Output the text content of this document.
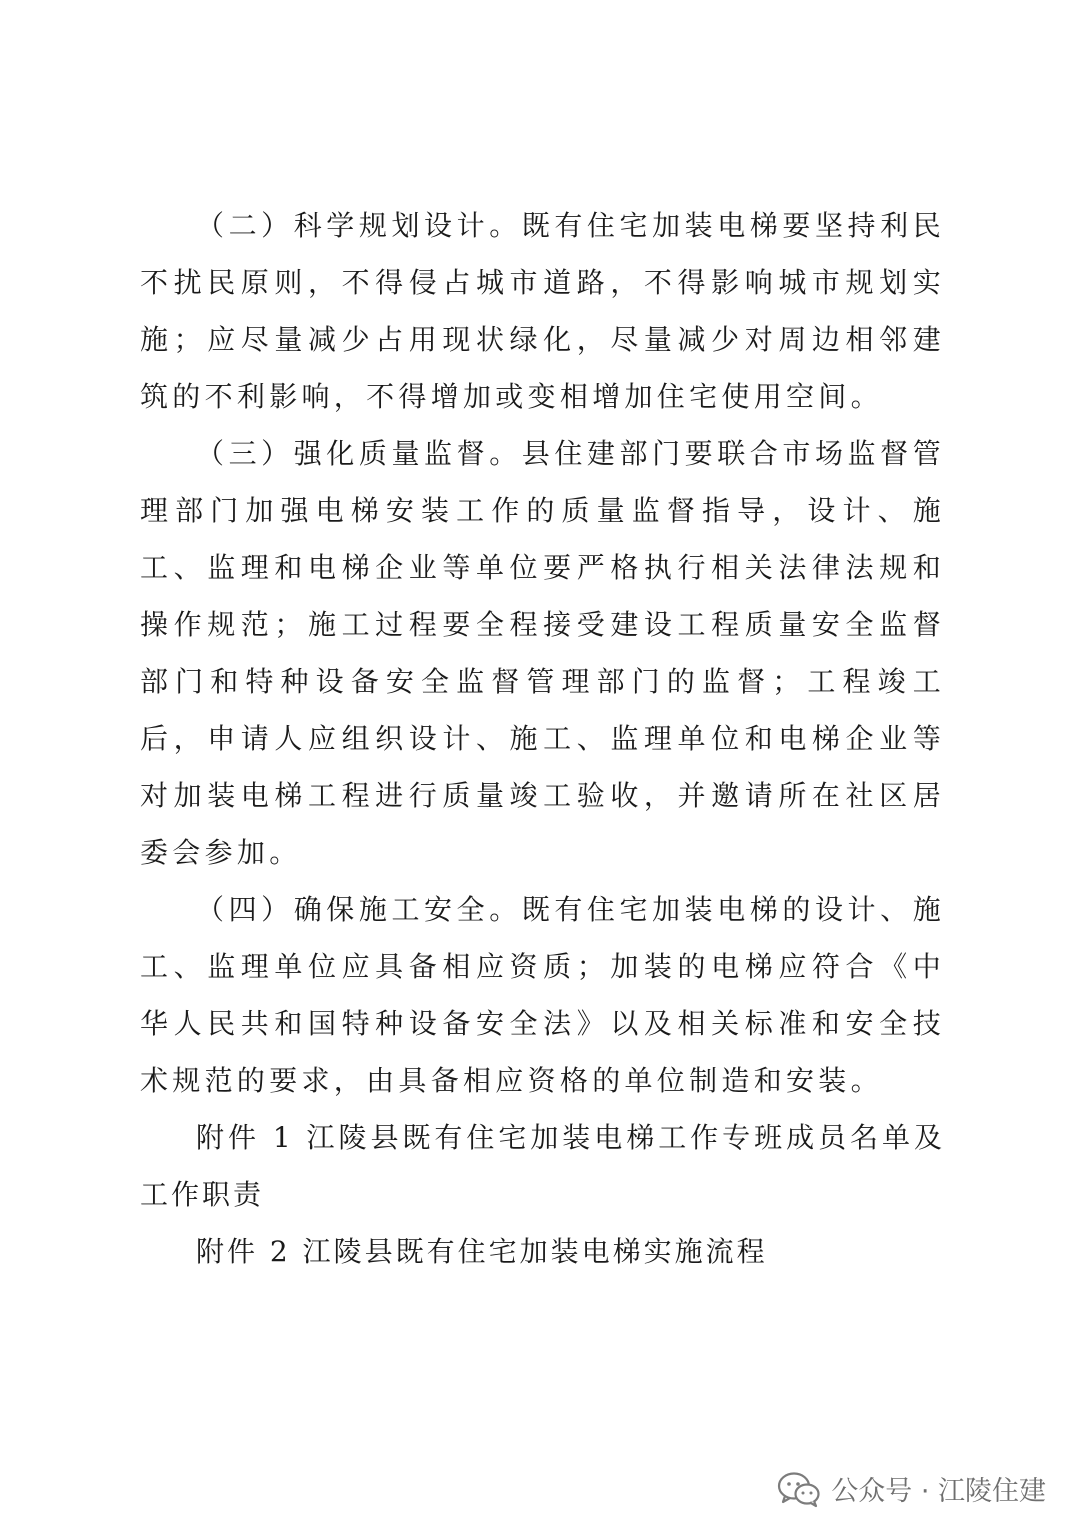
（二）科学规划设计。既有住宅加装电梯要坚持利民不扰民原则，不得侵占城市道路，不得影响城市规划实施；应尽量减少占用现状绿化，尽量减少对周边相邻建筑的不利影响，不得增加或变相增加住宅使用空间。

（三）强化质量监督。县住建部门要联合市场监督管理部门加强电梯安装工作的质量监督指导，设计、施工、监理和电梯企业等单位要严格执行相关法律法规和操作规范；施工过程要全程接受建设工程质量安全监督部门和特种设备安全监督管理部门的监督；工程竣工后，申请人应组织设计、施工、监理单位和电梯企业等对加装电梯工程进行质量竣工验收，并邀请所在社区居委会参加。

（四）确保施工安全。既有住宅加装电梯的设计、施工、监理单位应具备相应资质；加装的电梯应符合《中华人民共和国特种设备安全法》以及相关标准和安全技术规范的要求，由具备相应资格的单位制造和安装。

附件 1 江陵县既有住宅加装电梯工作专班成员名单及工作职责

附件 2 江陵县既有住宅加装电梯实施流程

公众号 · 江陵住建
